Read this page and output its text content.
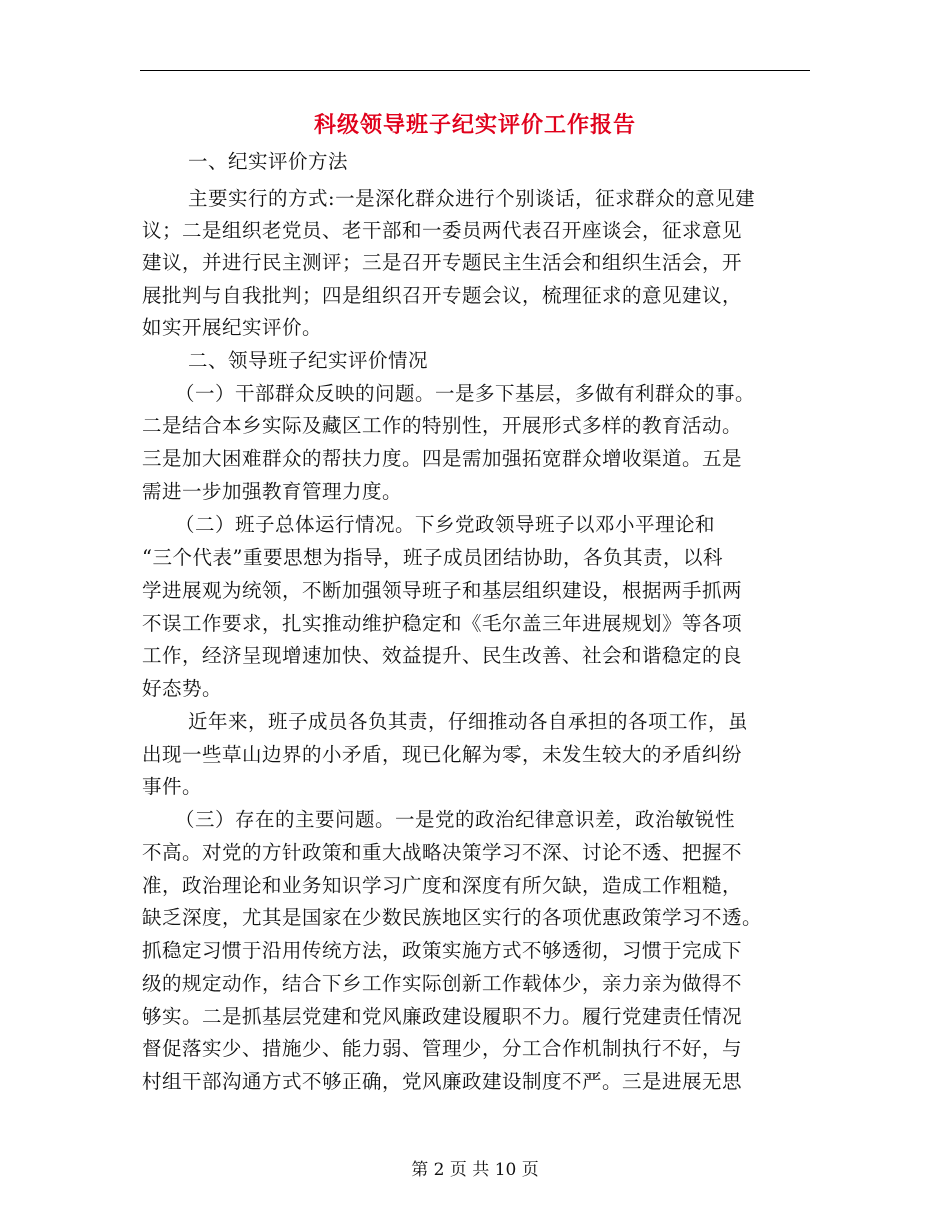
科级领导班子纪实评价工作报告
一、纪实评价方法
主要实行的方式:一是深化群众进行个别谈话，征求群众的意见建
议；二是组织老党员、老干部和一委员两代表召开座谈会，征求意见
建议，并进行民主测评；三是召开专题民主生活会和组织生活会，开
展批判与自我批判；四是组织召开专题会议，梳理征求的意见建议，
如实开展纪实评价。
二、领导班子纪实评价情况
（一）干部群众反映的问题。一是多下基层，多做有利群众的事。
二是结合本乡实际及藏区工作的特别性，开展形式多样的教育活动。
三是加大困难群众的帮扶力度。四是需加强拓宽群众增收渠道。五是
需进一步加强教育管理力度。
（二）班子总体运行情况。下乡党政领导班子以邓小平理论和
“三个代表”重要思想为指导，班子成员团结协助，各负其责，以科
学进展观为统领，不断加强领导班子和基层组织建设，根据两手抓两
不误工作要求，扎实推动维护稳定和《毛尔盖三年进展规划》等各项
工作，经济呈现增速加快、效益提升、民生改善、社会和谐稳定的良
好态势。
近年来，班子成员各负其责，仔细推动各自承担的各项工作，虽
出现一些草山边界的小矛盾，现已化解为零，未发生较大的矛盾纠纷
事件。
（三）存在的主要问题。一是党的政治纪律意识差，政治敏锐性
不高。对党的方针政策和重大战略决策学习不深、讨论不透、把握不
准，政治理论和业务知识学习广度和深度有所欠缺，造成工作粗糙，
缺乏深度，尤其是国家在少数民族地区实行的各项优惠政策学习不透。
抓稳定习惯于沿用传统方法，政策实施方式不够透彻，习惯于完成下
级的规定动作，结合下乡工作实际创新工作载体少，亲力亲为做得不
够实。二是抓基层党建和党风廉政建设履职不力。履行党建责任情况
督促落实少、措施少、能力弱、管理少，分工合作机制执行不好，与
村组干部沟通方式不够正确，党风廉政建设制度不严。三是进展无思
第 2 页 共 10 页
